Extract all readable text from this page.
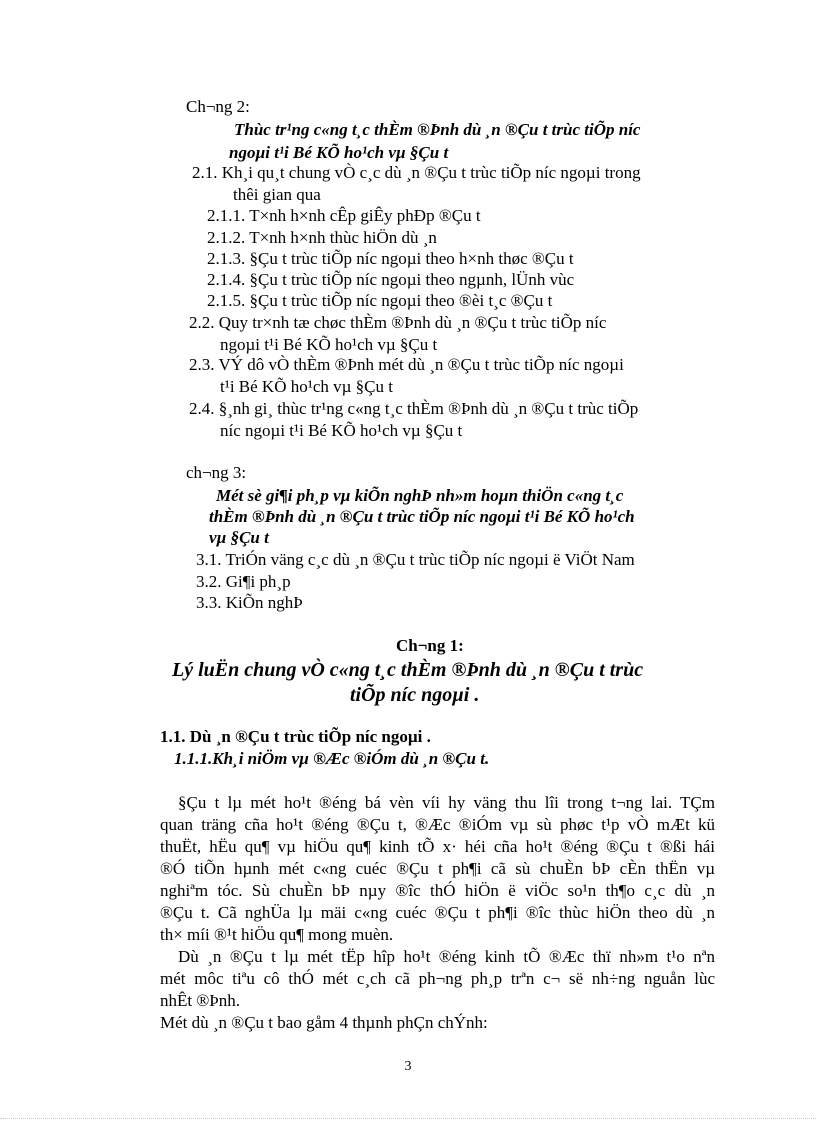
Ch¬ng 2:
Thùc tr¹ng c«ng t¸c thÈm ®Þnh dù ¸n ®Çu t trùc tiÕp níc
ngoµi t¹i Bé KÕ ho¹ch vµ §Çu t
2.1. Kh¸i qu¸t chung vÒ c¸c dù ¸n ®Çu t trùc tiÕp níc ngoµi trong
thêi gian qua
2.1.1. T×nh h×nh cÊp giÊy phÐp ®Çu t
2.1.2. T×nh h×nh thùc hiÖn dù ¸n
2.1.3. §Çu t trùc tiÕp níc ngoµi theo h×nh thøc ®Çu t
2.1.4. §Çu t trùc tiÕp níc ngoµi theo ngµnh, lÜnh vùc
2.1.5. §Çu t trùc tiÕp níc ngoµi theo ®èi t¸c ®Çu t
2.2. Quy tr×nh tæ chøc thÈm ®Þnh dù ¸n ®Çu t trùc tiÕp níc
ngoµi t¹i Bé KÕ ho¹ch vµ §Çu t
2.3. VÝ dô vÒ thÈm ®Þnh mét dù ¸n ®Çu t trùc tiÕp níc ngoµi
t¹i Bé KÕ ho¹ch vµ §Çu t
2.4. §¸nh gi¸ thùc tr¹ng c«ng t¸c thÈm ®Þnh dù ¸n ®Çu t trùc tiÕp
níc ngoµi t¹i Bé KÕ ho¹ch vµ §Çu t
ch¬ng 3:
Mét sè gi¶i ph¸p vµ kiÕn nghÞ nh»m hoµn thiÖn c«ng t¸c
thÈm ®Þnh dù ¸n ®Çu t trùc tiÕp níc ngoµi t¹i Bé KÕ ho¹ch
vµ §Çu t
3.1. TriÓn väng c¸c dù ¸n ®Çu t trùc tiÕp níc ngoµi ë ViÖt Nam
3.2. Gi¶i ph¸p
3.3. KiÕn nghÞ
Ch¬ng 1:
Lý luËn chung vÒ c«ng t¸c thÈm ®Þnh dù ¸n ®Çu t trùc
tiÕp níc ngoµi .
1.1. Dù ¸n ®Çu t trùc tiÕp níc ngoµi .
1.1.1.Kh¸i niÖm vµ ®Æc ®iÓm dù ¸n ®Çu t.
§Çu t lµ mét ho¹t ®éng bá vèn víi hy väng thu lîi trong t¬ng lai. TÇm
quan träng cña ho¹t ®éng ®Çu t, ®Æc ®iÓm vµ sù phøc t¹p vÒ mÆt kü
thuËt, hËu qu¶ vµ hiÖu qu¶ kinh tÕ x· héi cña ho¹t ®éng ®Çu t ®ßi hái
®Ó tiÕn hµnh mét c«ng cuéc ®Çu t ph¶i cã sù chuÈn bÞ cÈn thËn vµ
nghiªm tóc. Sù chuÈn bÞ nµy ®îc thÓ hiÖn ë viÖc so¹n th¶o c¸c dù ¸n
®Çu t. Cã nghÜa lµ mäi c«ng cuéc ®Çu t ph¶i ®îc thùc hiÖn theo dù ¸n
th× míi ®¹t hiÖu qu¶ mong muèn.
Dù ¸n ®Çu t lµ mét tËp hîp ho¹t ®éng kinh tÕ ®Æc thï nh»m t¹o nªn
mét môc tiªu cô thÓ mét c¸ch cã ph¬ng ph¸p trªn c¬ së nh÷ng nguån lùc
nhÊt ®Þnh.
Mét dù ¸n ®Çu t bao gåm 4 thµnh phÇn chÝnh:
3
